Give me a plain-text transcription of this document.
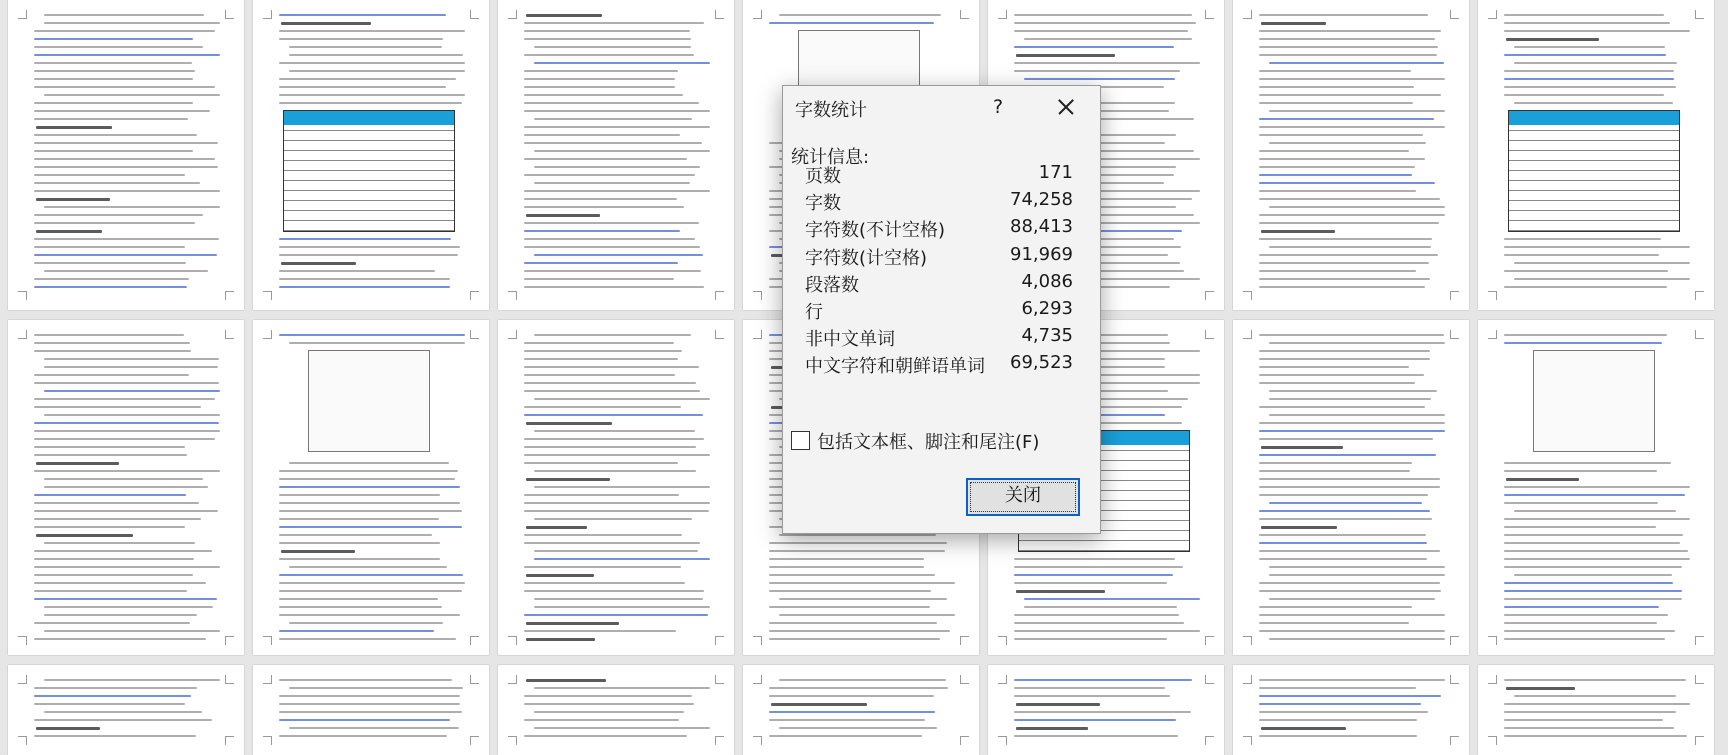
字数统计	?
统计信息:
页数	171
字数	74,258
字符数(不计空格)	88,413
字符数(计空格)	91,969
段落数	4,086
行	6,293
非中文单词	4,735
中文字符和朝鲜语单词 69,523
包括文本框、脚注和尾注(F)
关闭
